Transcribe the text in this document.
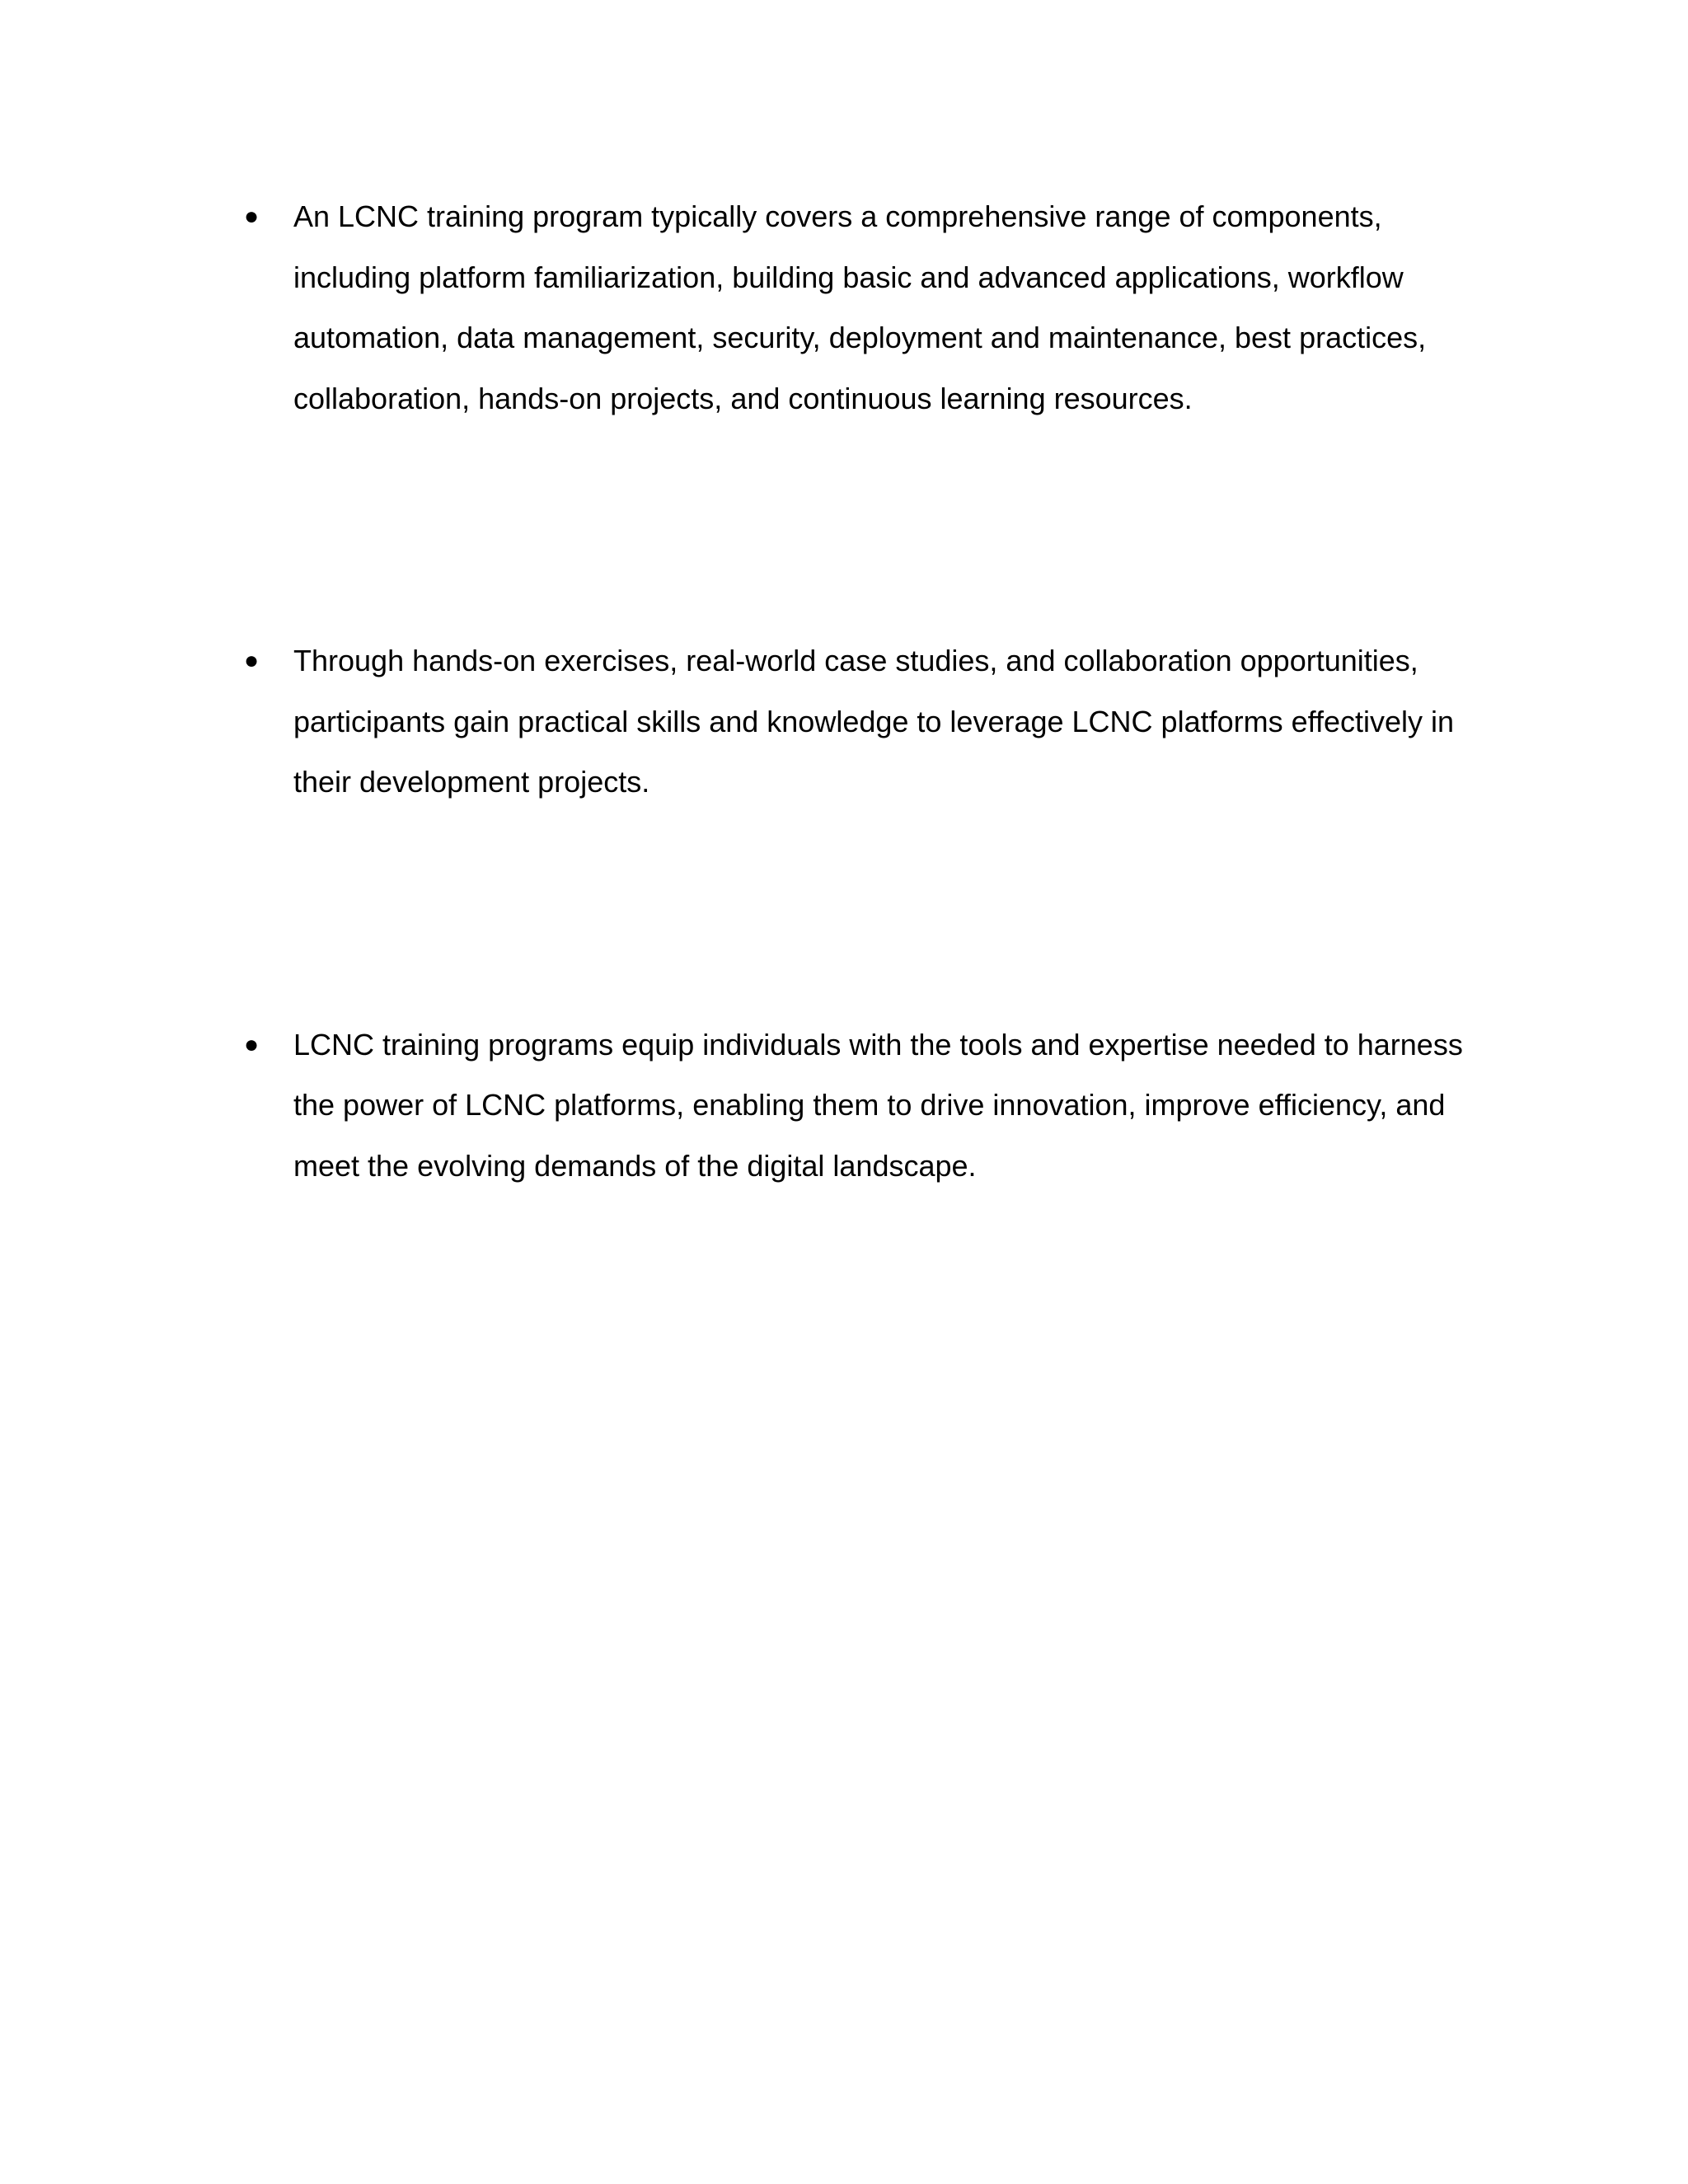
● An LCNC training program typically covers a comprehensive range of components, including platform familiarization, building basic and advanced applications, workflow automation, data management, security, deployment and maintenance, best practices, collaboration, hands-on projects, and continuous learning resources.
● Through hands-on exercises, real-world case studies, and collaboration opportunities, participants gain practical skills and knowledge to leverage LCNC platforms effectively in their development projects.
● LCNC training programs equip individuals with the tools and expertise needed to harness the power of LCNC platforms, enabling them to drive innovation, improve efficiency, and meet the evolving demands of the digital landscape.
